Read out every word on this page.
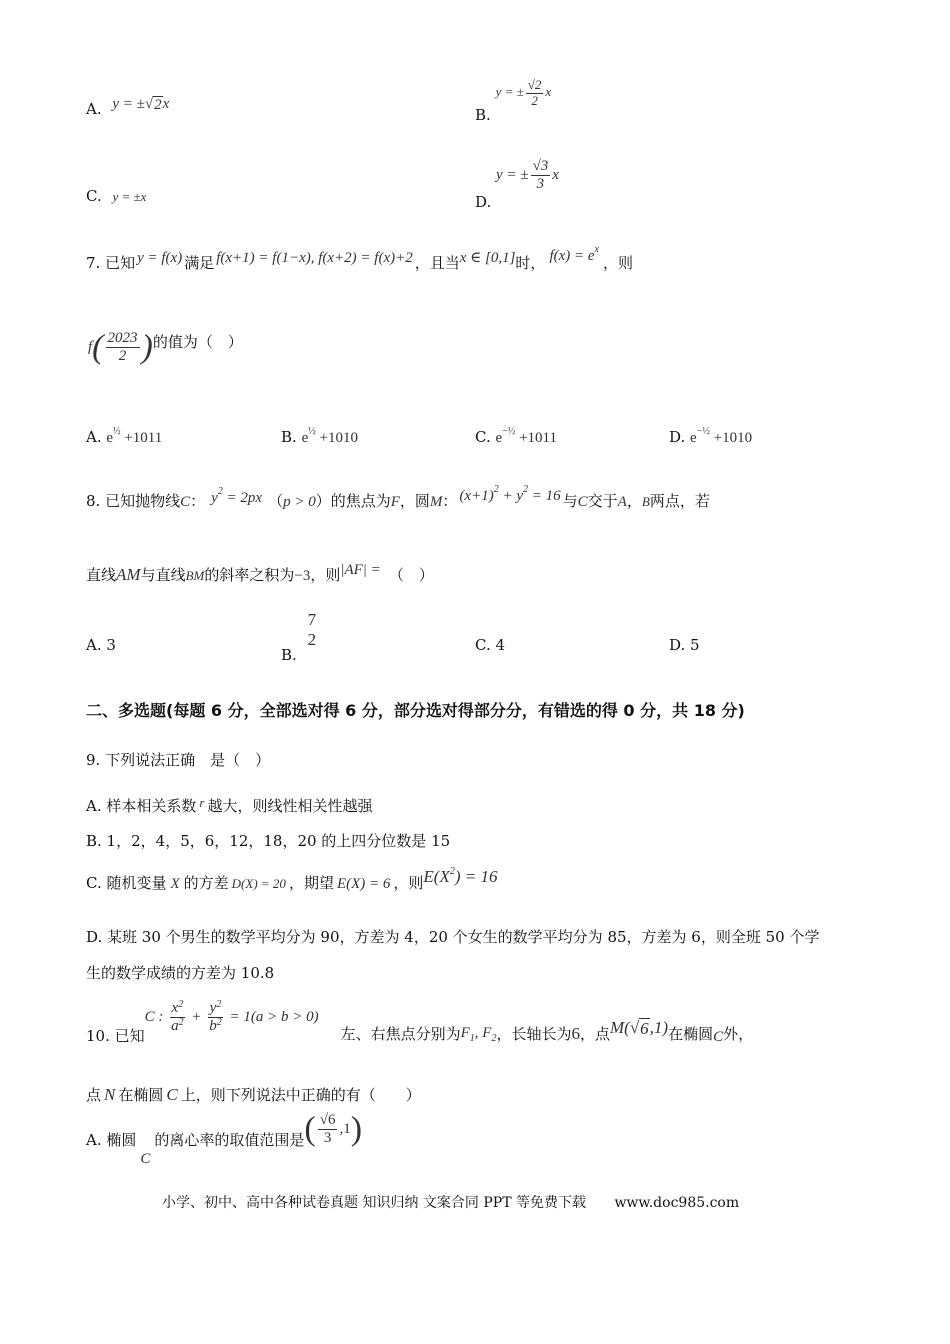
A. y = ± √ 2 x
B. y = ± $\frac{√2}{2}$ x
C. y = ±x	D. y = ± $\frac{√3}{3}$ x
7. 已知 y = f(x) 满足 f(x+1) = f(1−x), f(x+2) = f(x)+2 ，且当x ∈ [0,1]时， $f(x) = e^x$，则
$f( \frac{2023}{2}$ )的值为（　）
A. $e^{\frac{1}{2}} +1011$	B. $e^{\frac{1}{2}} +1010$	C. $e^{-\frac{1}{2}} +1011$	D. $e^{-\frac{1}{2}} +1010$
8. 已知抛物线C： $y^2 = 2px$ （p > 0）的焦点为F，圆M： $(x+1)^2 + y^2 = 16$ 与C交于A，B两点，若
直线AM与直线BM的斜率之积为−3，则|AF| = （　）
A. 3
B.
7
2	C. 4	D. 5
二、多选题(每题 6 分，全部选对得 6 分，部分选对得部分分，有错选的得 0 分，共 18 分)
9. 下列说法正确　是（　）
A. 样本相关系数 r 越大，则线性相关性越强
B. 1，2，4，5，6，12，18，20 的上四分位数是 15
C. 随机变量 X 的方差 D(X) = 20 ，期望 E(X) = 6 ，则$E(X^2) = 16$
D. 某班 30 个男生的数学平均分为 90，方差为 4，20 个女生的数学平均分为 85，方差为 6，则全班 50 个学
生的数学成绩的方差为 10.8
10. 已知C : $\frac{x^2}{a^2} + \frac{y^2}{b^2} = 1(a > b > 0)$左、右焦点分别为$F_1$, $F_2$，长轴长为6，点M( √ 6 ,1)在椭圆C外，
点 N 在椭圆 C 上，则下列说法中正确的有（　　）
A. 椭圆C的离心率的取值范围是( $\frac{√6}{3} ,1$)
小学、初中、高中各种试卷真题 知识归纳 文案合同 PPT 等免费下载 www.doc985.com
